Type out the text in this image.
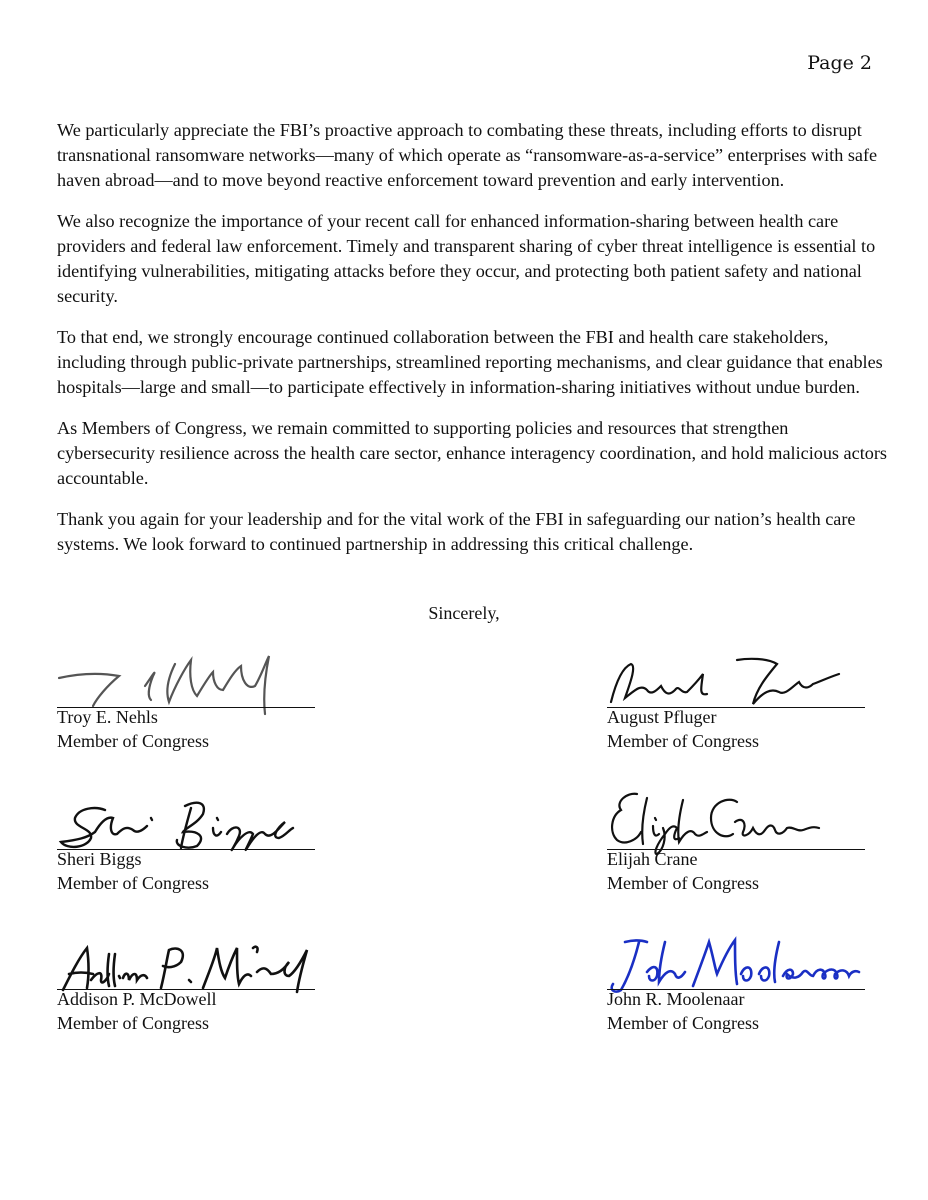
Page 2

We particularly appreciate the FBI’s proactive approach to combating these threats, including efforts to disrupt transnational ransomware networks—many of which operate as “ransomware-as-a-service” enterprises with safe haven abroad—and to move beyond reactive enforcement toward prevention and early intervention.

We also recognize the importance of your recent call for enhanced information-sharing between health care providers and federal law enforcement. Timely and transparent sharing of cyber threat intelligence is essential to identifying vulnerabilities, mitigating attacks before they occur, and protecting both patient safety and national security.

To that end, we strongly encourage continued collaboration between the FBI and health care stakeholders, including through public-private partnerships, streamlined reporting mechanisms, and clear guidance that enables hospitals—large and small—to participate effectively in information-sharing initiatives without undue burden.

As Members of Congress, we remain committed to supporting policies and resources that strengthen cybersecurity resilience across the health care sector, enhance interagency coordination, and hold malicious actors accountable.

Thank you again for your leadership and for the vital work of the FBI in safeguarding our nation’s health care systems. We look forward to continued partnership in addressing this critical challenge.

Sincerely,
Troy E. Nehls
Member of Congress
August Pfluger
Member of Congress
Sheri Biggs
Member of Congress
Elijah Crane
Member of Congress
Addison P. McDowell
Member of Congress
John R. Moolenaar
Member of Congress
